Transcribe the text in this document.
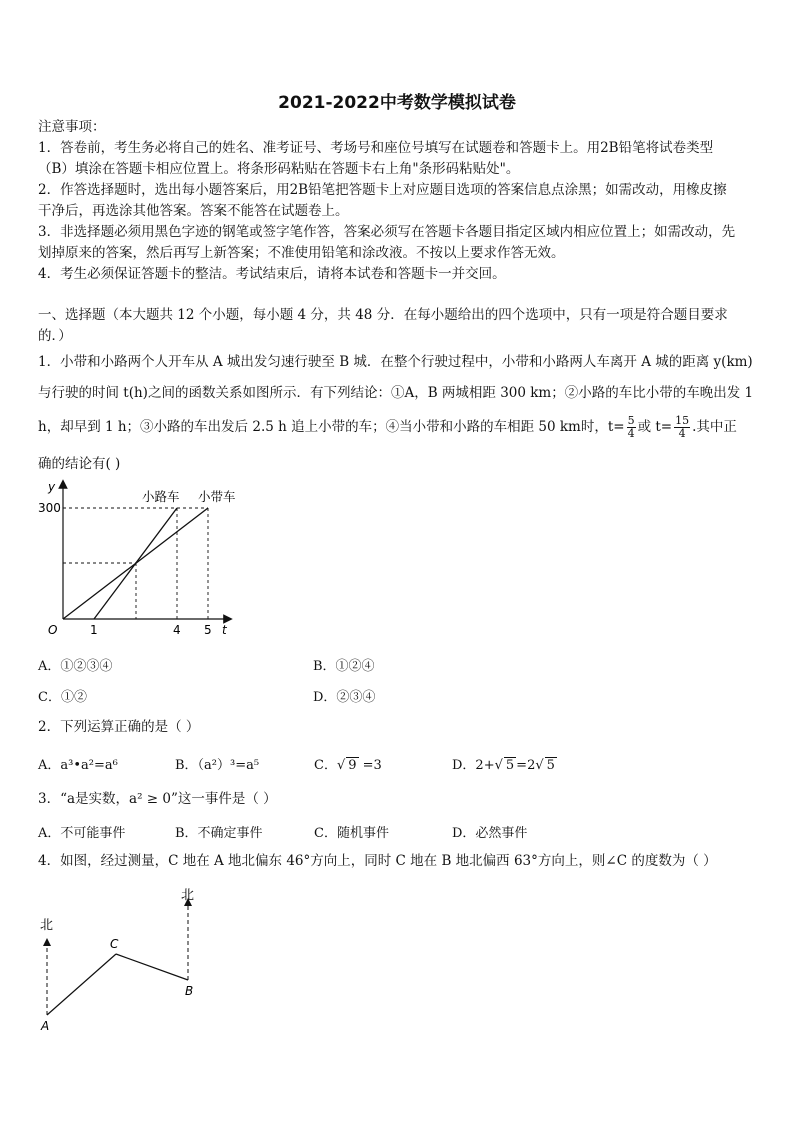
2021-2022中考数学模拟试卷
注意事项：
1．答卷前，考生务必将自己的姓名、准考证号、考场号和座位号填写在试题卷和答题卡上。用2B铅笔将试卷类型
（B）填涂在答题卡相应位置上。将条形码粘贴在答题卡右上角"条形码粘贴处"。
2．作答选择题时，选出每小题答案后，用2B铅笔把答题卡上对应题目选项的答案信息点涂黑；如需改动，用橡皮擦
干净后，再选涂其他答案。答案不能答在试题卷上。
3．非选择题必须用黑色字迹的钢笔或签字笔作答，答案必须写在答题卡各题目指定区域内相应位置上；如需改动，先
划掉原来的答案，然后再写上新答案；不准使用铅笔和涂改液。不按以上要求作答无效。
4．考生必须保证答题卡的整洁。考试结束后，请将本试卷和答题卡一并交回。
一、选择题（本大题共 12 个小题，每小题 4 分，共 48 分．在每小题给出的四个选项中，只有一项是符合题目要求
的．）
1．小带和小路两个人开车从 A 城出发匀速行驶至 B 城．在整个行驶过程中，小带和小路两人车离开 A 城的距离 y(km)
与行驶的时间 t(h)之间的函数关系如图所示．有下列结论：①A，B 两城相距 300 km；②小路的车比小带的车晚出发 1
h，却早到 1 h；③小路的车出发后 2.5 h 追上小带的车；④当小带和小路的车相距 50 km时，$t= \frac{5}{4}$ 或 $t= \frac{15}{4}$ .其中正
确的结论有( )
y
300
O	1	4 5 t
小路车 小带车
A．①②③④	B．①②④
C．①②	D．②③④
2．下列运算正确的是（ ）
A．a³•a²=a⁶	B．（a²）³=a⁵	C．√ 9 =3	D．2+√ 5 =2√ 5
3．“a是实数，a² ≥ 0”这一事件是（ ）
A．不可能事件	B．不确定事件	C．随机事件	D．必然事件
4．如图，经过测量，C 地在 A 地北偏东 46°方向上，同时 C 地在 B 地北偏西 63°方向上，则∠C 的度数为（ ）
北
北
C
B
A
